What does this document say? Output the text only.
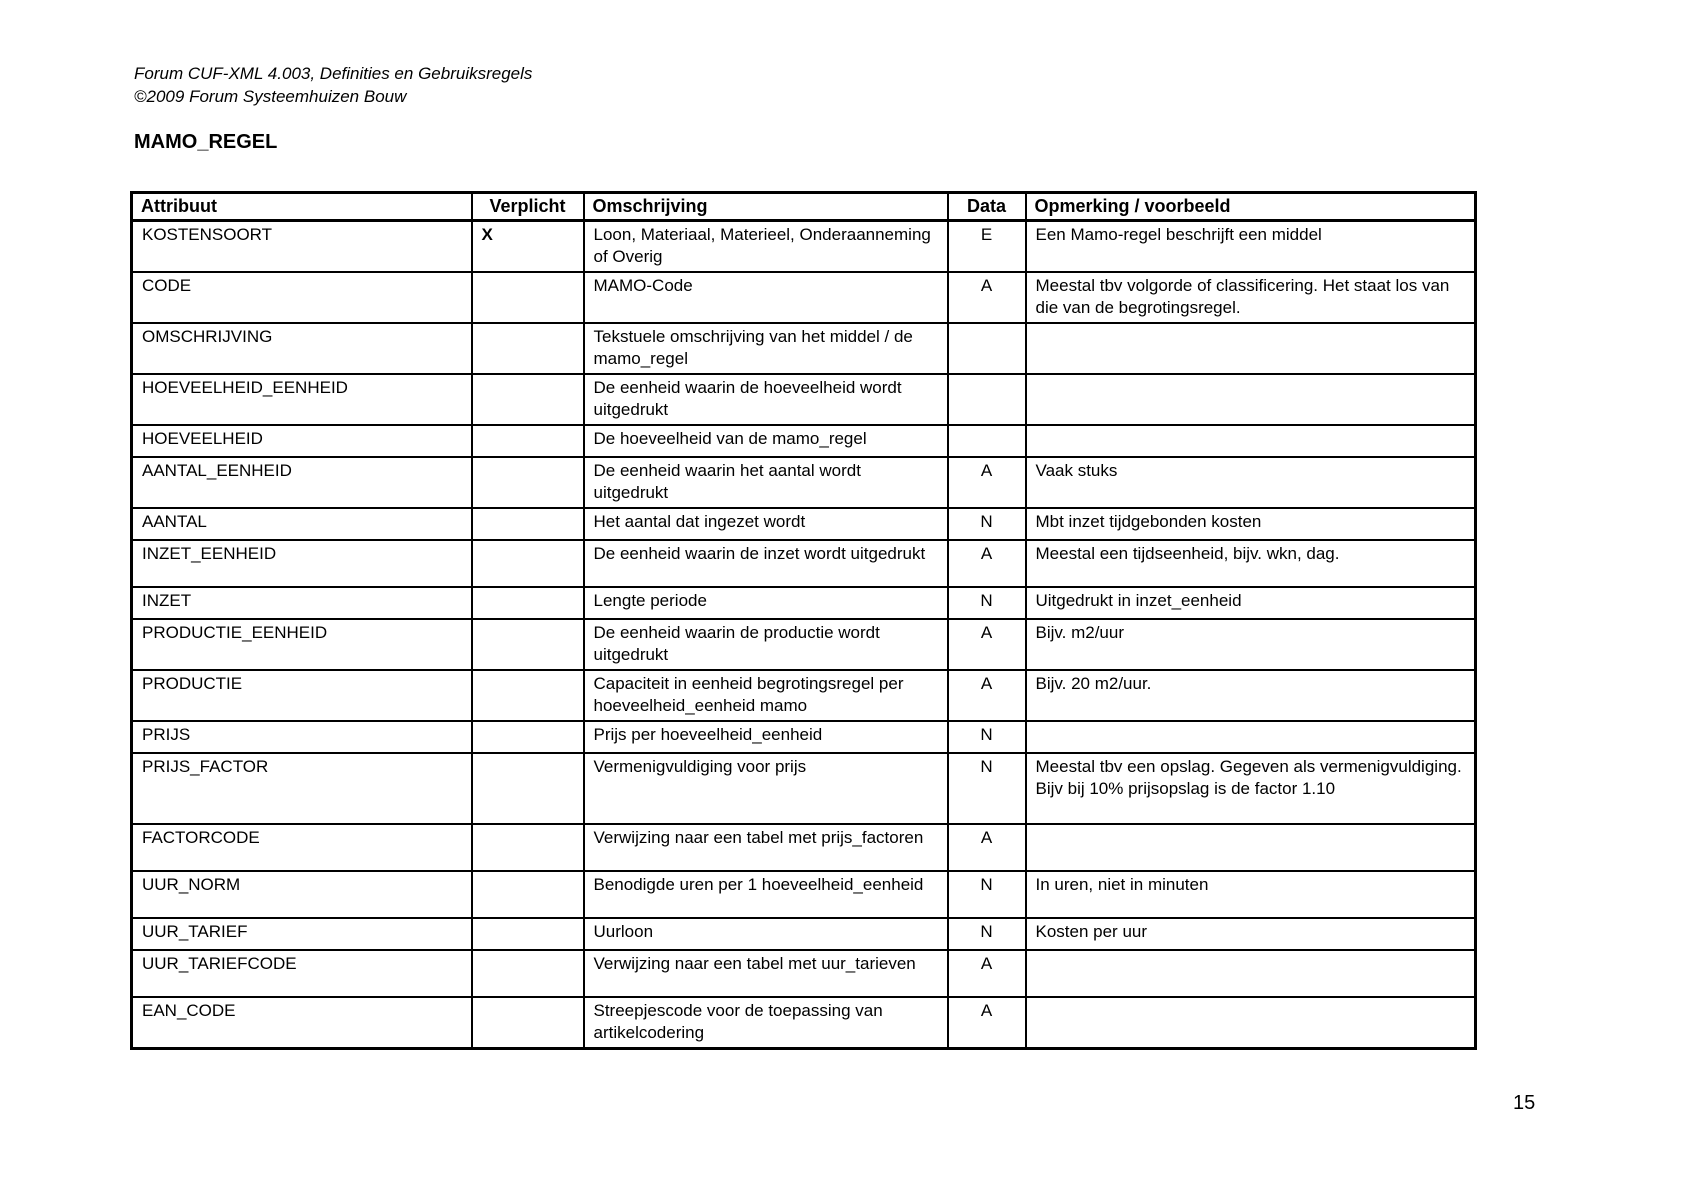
Forum CUF-XML 4.003, Definities en Gebruiksregels
©2009 Forum Systeemhuizen Bouw
MAMO_REGEL
Attribuut	Verplicht	Omschrijving	Data	Opmerking / voorbeeld
KOSTENSOORT	X	Loon, Materiaal, Materieel, Onderaanneming of Overig	E	Een Mamo-regel beschrijft een middel
CODE		MAMO-Code	A	Meestal tbv volgorde of classificering. Het staat los van die van de begrotingsregel.
OMSCHRIJVING		Tekstuele omschrijving van het middel / de mamo_regel		
HOEVEELHEID_EENHEID		De eenheid waarin de hoeveelheid wordt uitgedrukt		
HOEVEELHEID		De hoeveelheid van de mamo_regel		
AANTAL_EENHEID		De eenheid waarin het aantal wordt uitgedrukt	A	Vaak stuks
AANTAL		Het aantal dat ingezet wordt	N	Mbt inzet tijdgebonden kosten
INZET_EENHEID		De eenheid waarin de inzet wordt uitgedrukt	A	Meestal een tijdseenheid, bijv. wkn, dag.
INZET		Lengte periode	N	Uitgedrukt in inzet_eenheid
PRODUCTIE_EENHEID		De eenheid waarin de productie wordt uitgedrukt	A	Bijv. m2/uur
PRODUCTIE		Capaciteit in eenheid begrotingsregel per hoeveelheid_eenheid mamo	A	Bijv. 20 m2/uur.
PRIJS		Prijs per hoeveelheid_eenheid	N	
PRIJS_FACTOR		Vermenigvuldiging voor prijs	N	Meestal tbv een opslag. Gegeven als vermenigvuldiging. Bijv bij 10% prijsopslag is de factor 1.10
FACTORCODE		Verwijzing naar een tabel met prijs_factoren	A	
UUR_NORM		Benodigde uren per 1 hoeveelheid_eenheid	N	In uren, niet in minuten
UUR_TARIEF		Uurloon	N	Kosten per uur
UUR_TARIEFCODE		Verwijzing naar een tabel met uur_tarieven	A	
EAN_CODE		Streepjescode voor de toepassing van artikelcodering	A	
15
